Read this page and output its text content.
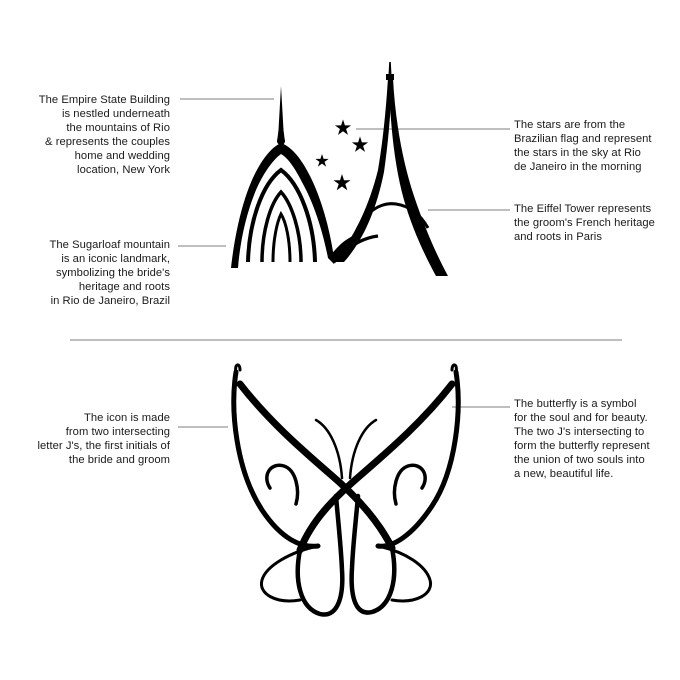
The Empire State Building
is nestled underneath
the mountains of Rio
& represents the couples
home and wedding
location, New York
The Sugarloaf mountain
is an iconic landmark,
symbolizing the bride's
heritage and roots
in Rio de Janeiro, Brazil
The stars are from the
Brazilian flag and represent
the stars in the sky at Rio
de Janeiro in the morning
The Eiffel Tower represents
the groom's French heritage
and roots in Paris
The icon is made
from two intersecting
letter J's, the first initials of
the bride and groom
The butterfly is a symbol
for the soul and for beauty.
The two J's intersecting to
form the butterfly represent
the union of two souls into
a new, beautiful life.
